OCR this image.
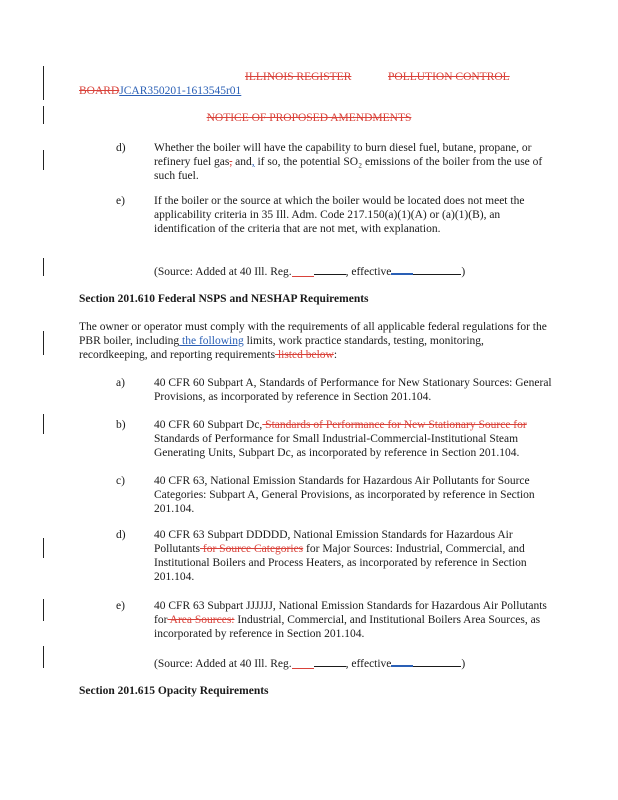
ILLINOIS REGISTER	POLLUTION CONTROL
BOARDJCAR350201-1613545r01
NOTICE OF PROPOSED AMENDMENTS
d) Whether the boiler will have the capability to burn diesel fuel, butane, propane, or refinery fuel gas, and, if so, the potential SO₂ emissions of the boiler from the use of such fuel.
e)	If the boiler or the source at which the boiler would be located does not meet the applicability criteria in 35 Ill. Adm. Code 217.150(a)(1)(A) or (a)(1)(B), an identification of the criteria that are not met, with explanation.
(Source: Added at 40 Ill. Reg.	, effective	)
Section 201.610 Federal NSPS and NESHAP Requirements
The owner or operator must comply with the requirements of all applicable federal regulations for the PBR boiler, including the following limits, work practice standards, testing, monitoring, recordkeeping, and reporting requirements listed below:
a)	40 CFR 60 Subpart A, Standards of Performance for New Stationary Sources: General Provisions, as incorporated by reference in Section 201.104.
b) 40 CFR 60 Subpart Dc, Standards of Performance for New Stationary Source for Standards of Performance for Small Industrial-Commercial-Institutional Steam Generating Units, Subpart Dc, as incorporated by reference in Section 201.104.
c)	40 CFR 63, National Emission Standards for Hazardous Air Pollutants for Source Categories: Subpart A, General Provisions, as incorporated by reference in Section 201.104.
d) 40 CFR 63 Subpart DDDDD, National Emission Standards for Hazardous Air Pollutants for Source Categories for Major Sources: Industrial, Commercial, and Institutional Boilers and Process Heaters, as incorporated by reference in Section 201.104.
e)	40 CFR 63 Subpart JJJJJJ, National Emission Standards for Hazardous Air Pollutants for Area Sources: Industrial, Commercial, and Institutional Boilers Area Sources, as incorporated by reference in Section 201.104.
(Source: Added at 40 Ill. Reg.	, effective	)
Section 201.615 Opacity Requirements
